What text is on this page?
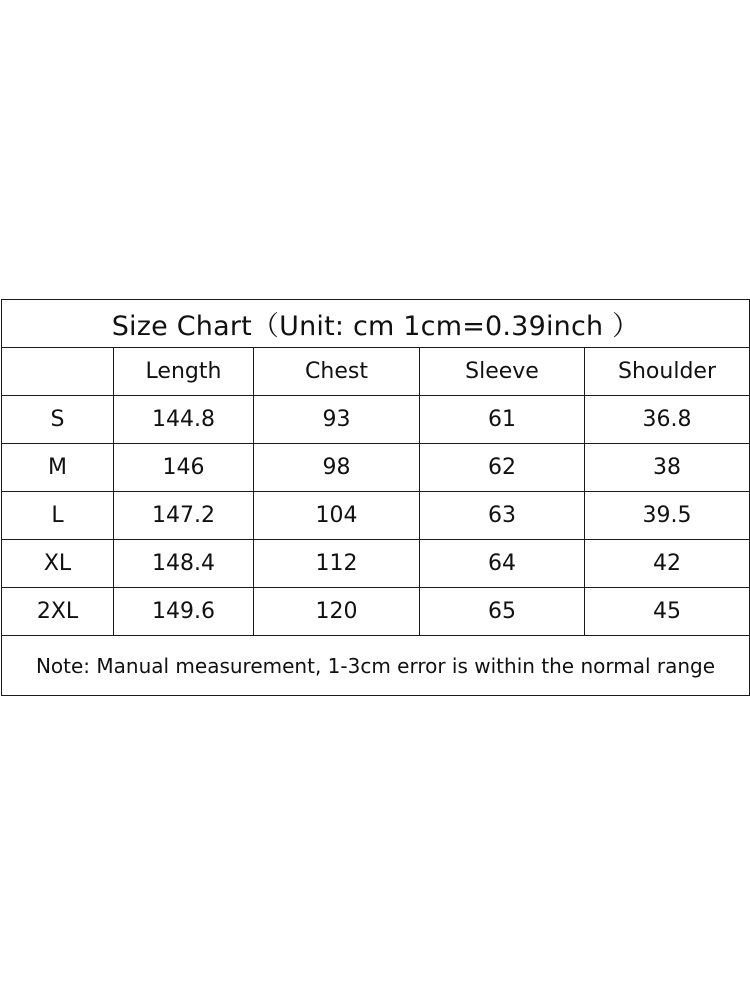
Size Chart（Unit: cm 1cm=0.39inch ）				
	Length	Chest	Sleeve	Shoulder
S	144.8	93	61	36.8
M	146	98	62	38
L	147.2	104	63	39.5
XL	148.4	112	64	42
2XL	149.6	120	65	45
Note: Manual measurement, 1-3cm error is within the normal range				
